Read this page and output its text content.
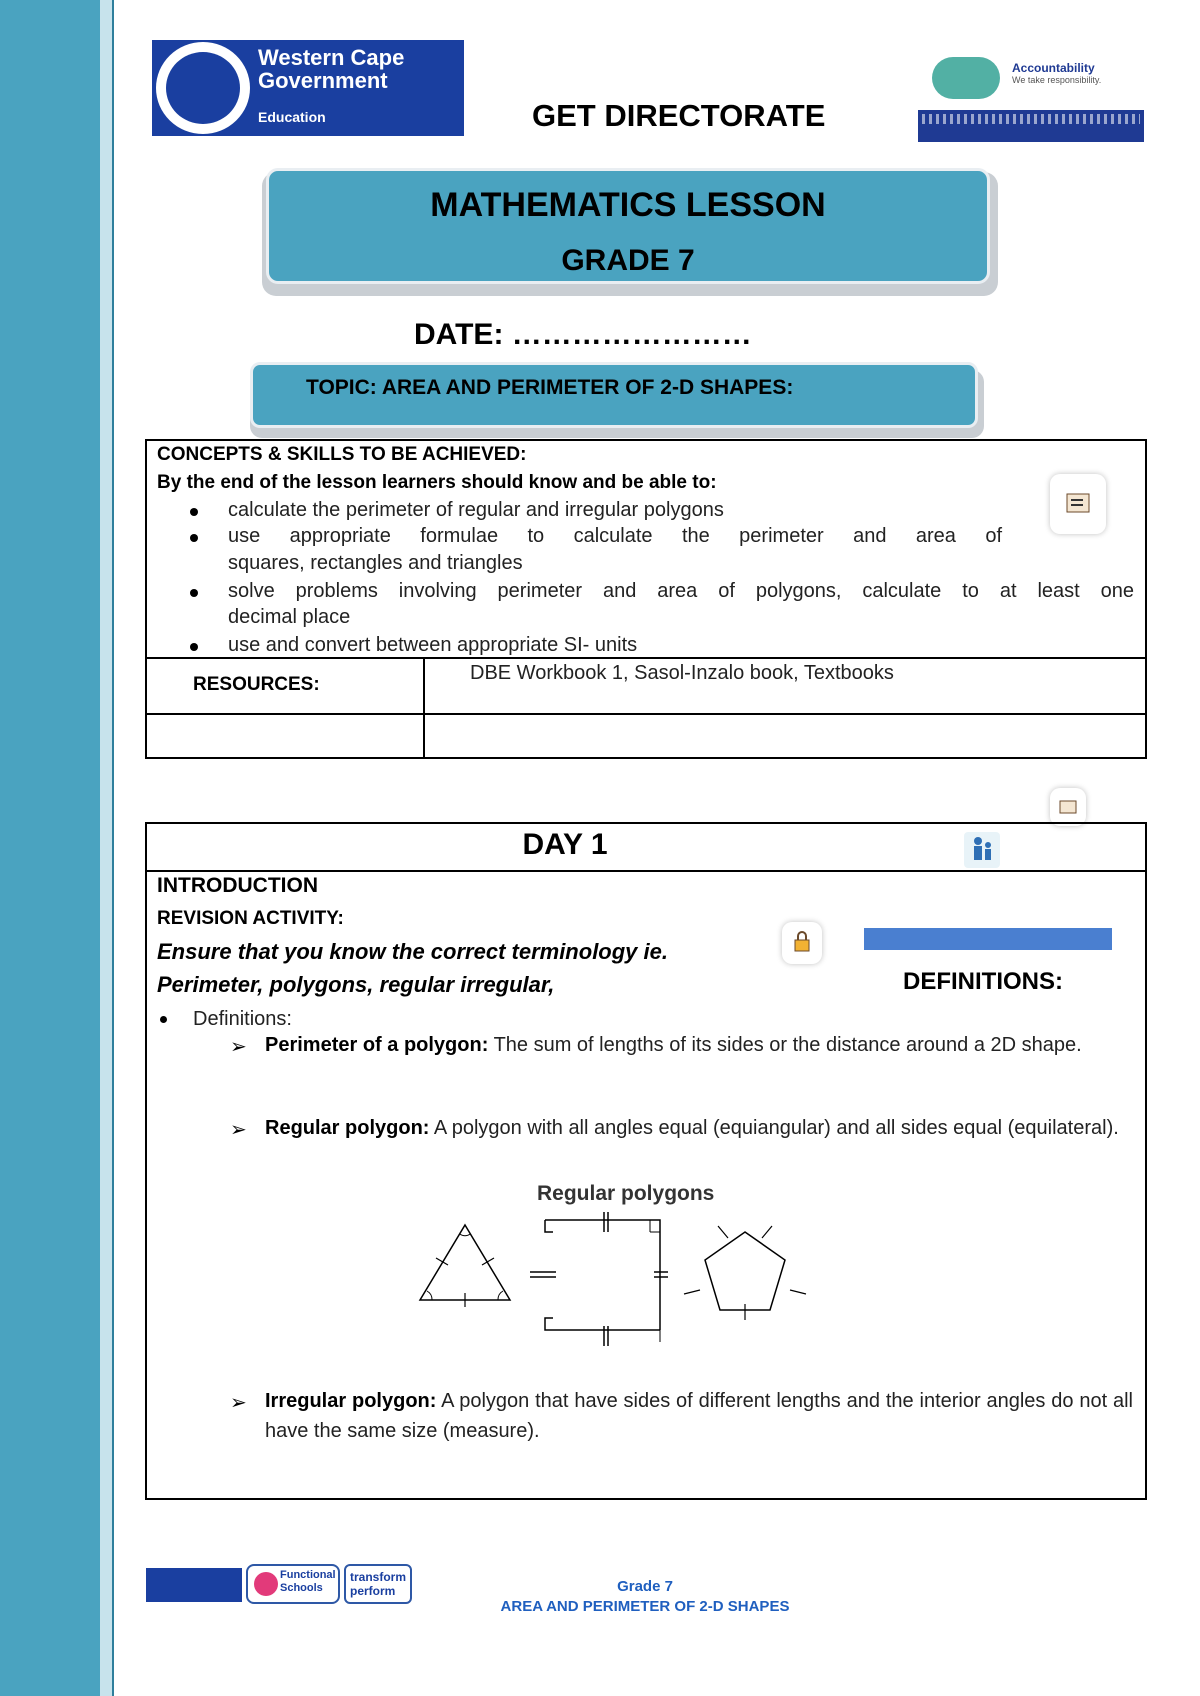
Western Cape
Government
Education	GET DIRECTORATE
Accountability
We take responsibility.
MATHEMATICS LESSON
GRADE 7
DATE: ……………………
TOPIC: AREA AND PERIMETER OF 2-D SHAPES:
CONCEPTS & SKILLS TO BE ACHIEVED:
By the end of the lesson learners should know and be able to:
calculate the perimeter of regular and irregular polygons
use appropriate formulae to calculate the perimeter and area of
squares, rectangles and triangles
solve problems involving perimeter and area of polygons, calculate to at least one
decimal place
use and convert between appropriate SI- units
RESOURCES:
DBE Workbook 1, Sasol-Inzalo book, Textbooks
DAY 1
INTRODUCTION
REVISION ACTIVITY:
Ensure that you know the correct terminology ie.
Perimeter, polygons, regular irregular,	DEFINITIONS:
Definitions:
➢ Perimeter of a polygon: The sum of lengths of its sides or the distance around a 2D shape.
➢ Regular polygon: A polygon with all angles equal (equiangular) and all sides equal (equilateral).
Regular polygons
➢ Irregular polygon: A polygon that have sides of different lengths and the interior angles do not all have the same size (measure).
Functional Schools
transform perform	Grade 7
AREA AND PERIMETER OF 2-D SHAPES
